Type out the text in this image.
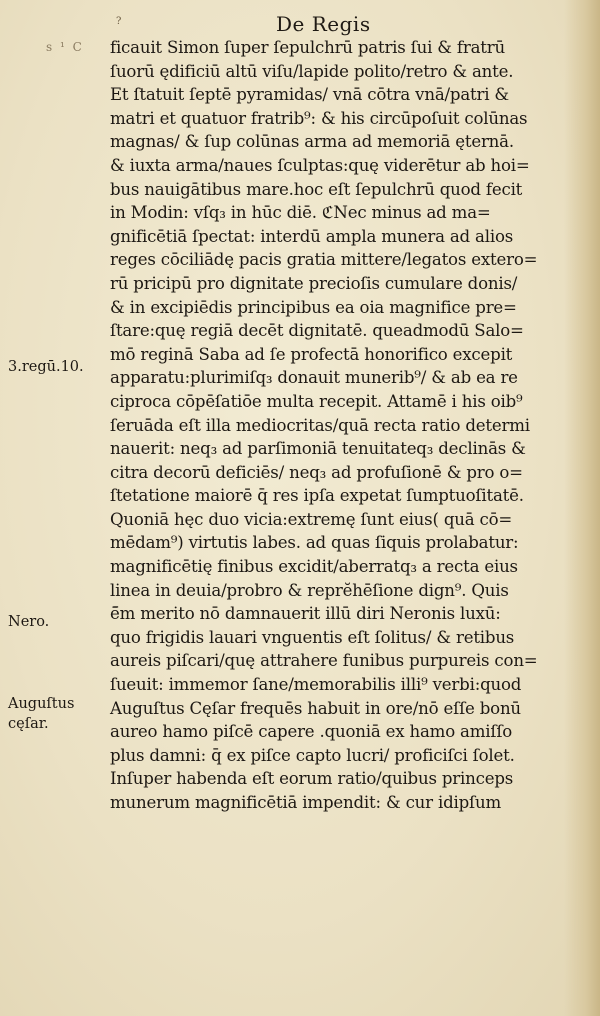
?
s ¹ C
De Regis
ficauit Simon ſuper ſepulchrū patris ſui & fratrū
ſuorū ędificiū altū viſu/lapide polito/retro & ante.
Et ſtatuit ſeptē pyramidas/ vnā cōtra vnā/patri &
matri et quatuor fratrib⁹: & his circūpoſuit colūnas
magnas/ & ſup colūnas arma ad memoriā ęternā.
& iuxta arma/naues ſculptas:quę viderētur ab hoi=
bus nauigātibus mare.hoc eſt ſepulchrū quod fecit
in Modin: vſq₃ in hūc diē. ℭNec minus ad ma=
gnificētiā ſpectat: interdū ampla munera ad alios
reges cōciliādę pacis gratia mittere/legatos extero=
rū pricipū pro dignitate precioſis cumulare donis/
& in excipiēdis principibus ea oia magnifice pre=
ſtare:quę regiā decēt dignitatē. queadmodū Salo=
mō reginā Saba ad ſe profectā honorifico excepit
apparatu:plurimiſq₃ donauit munerib⁹/ & ab ea re
ciproca cōpēſatiōe multa recepit. Attamē i his oib⁹
ſeruāda eſt illa mediocritas/quā recta ratio determi
nauerit: neq₃ ad parſimoniā tenuitateq₃ declinās &
citra decorū deficiēs/ neq₃ ad profuſionē & pro o=
ſtetatione maiorē q̄ res ipſa expetat ſumptuoſitatē.
Quoniā hęc duo vicia:extremę ſunt eius( quā cō=
mēdam⁹) virtutis labes. ad quas ſiquis prolabatur:
magnificētię finibus excidit/aberratq₃ a recta eius
linea in deuia/probro & reprĕhēſione dign⁹. Quis
ē̄m merito nō damnauerit illū diri Neronis luxū:
quo frigidis lauari vnguentis eſt ſolitus/ & retibus
aureis piſcari/quę attrahere funibus purpureis con=
ſueuit: immemor ſane/memorabilis illi⁹ verbi:quod
Auguſtus Cęſar frequēs habuit in ore/nō eſſe bonū
aureo hamo piſcē capere .quoniā ex hamo amiſſo
plus damni: q̄ ex piſce capto lucri/ proficiſci ſolet.
Inſuper habenda eſt eorum ratio/quibus princeps
munerum magnificētiā impendit: & cur idipſum
3.regū.10.
Nero.
Auguſtus
cęſar.
